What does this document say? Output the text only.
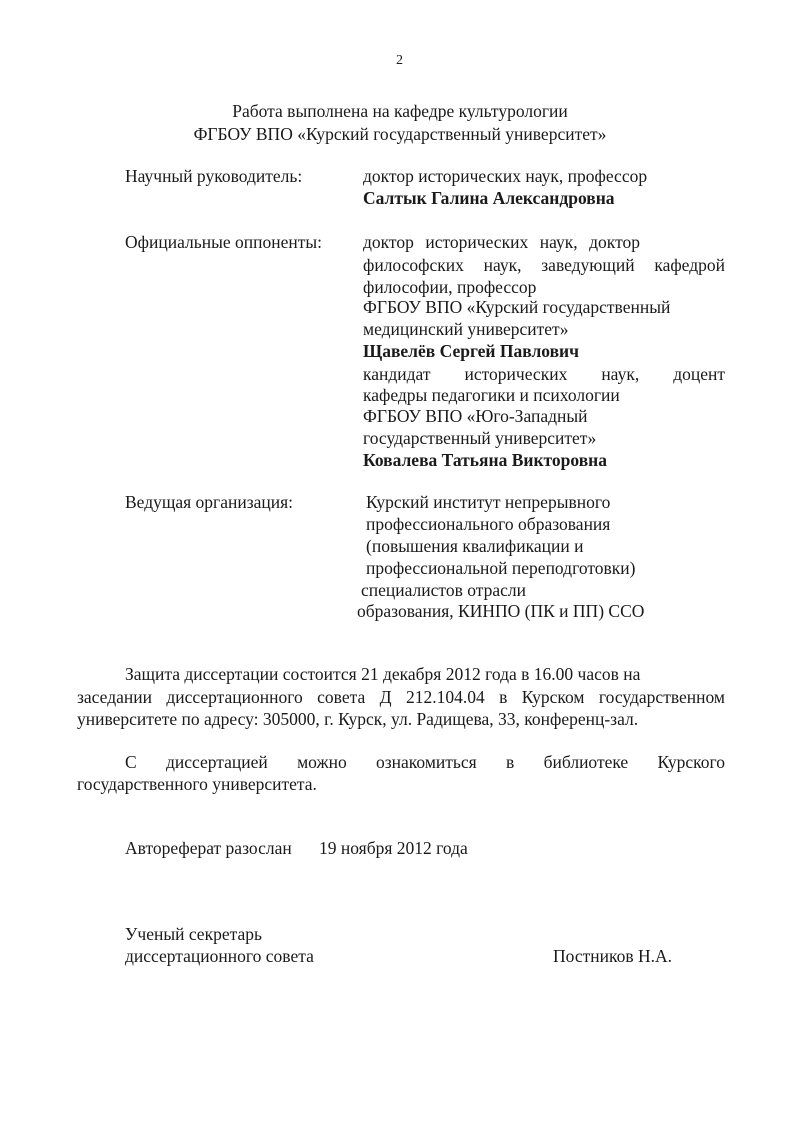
2
Работа выполнена на кафедре культурологии
ФГБОУ ВПО «Курский государственный университет»
Научный руководитель:	доктор исторических наук, профессор
Салтык Галина Александровна
Официальные оппоненты: доктор исторических наук, доктор
философских наук, заведующий кафедрой
философии, профессор
ФГБОУ ВПО «Курский государственный
медицинский университет»
Щавелёв Сергей Павлович
кандидат исторических наук, доцент
кафедры педагогики и психологии
ФГБОУ ВПО «Юго-Западный
государственный университет»
Ковалева Татьяна Викторовна
Ведущая организация:	Курский институт непрерывного
профессионального образования
(повышения квалификации и
профессиональной переподготовки)
специалистов отрасли
образования, КИНПО (ПК и ПП) ССО
Защита диссертации состоится 21 декабря 2012 года в 16.00 часов на
заседании диссертационного совета Д 212.104.04 в Курском государственном
университете по адресу: 305000, г. Курск, ул. Радищева, 33, конференц-зал.
С диссертацией можно ознакомиться в библиотеке Курского
государственного университета.
Автореферат разослан 19 ноября 2012 года
Ученый секретарь
диссертационного совета	Постников Н.А.
